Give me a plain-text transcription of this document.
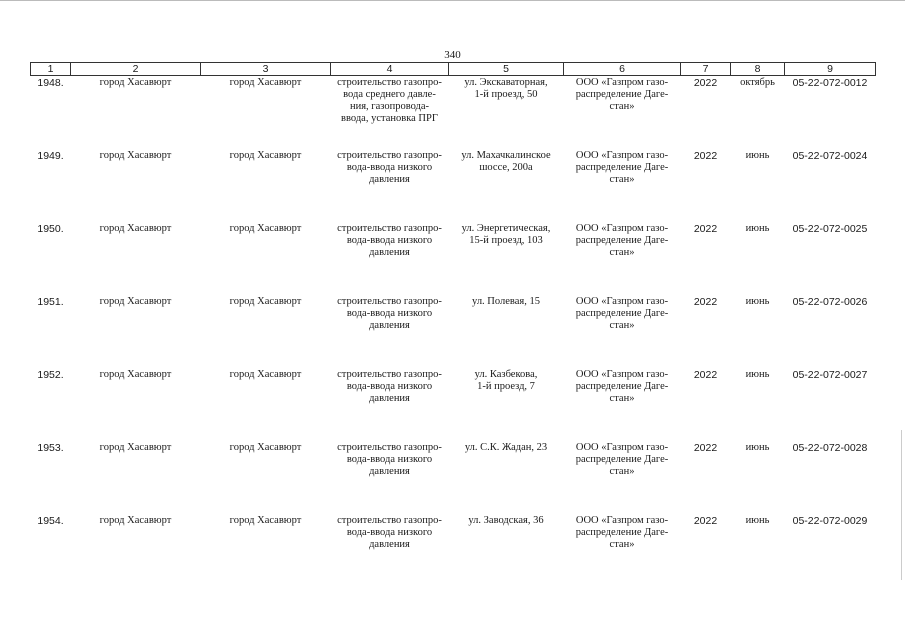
340
1	2	3	4	5	6	7	8	9
1948.	город Хасавюрт	город Хасавюрт	строительство газопро-
вода среднего давле-
ния, газопровода-
ввода, установка ПРГ	ул. Экскаваторная,
1-й проезд, 50	ООО «Газпром газо-
распределение Даге-
стан»	2022	октябрь	05-22-072-0012
1949.	город Хасавюрт	город Хасавюрт	строительство газопро-
вода-ввода низкого
давления	ул. Махачкалинское
шоссе, 200а	ООО «Газпром газо-
распределение Даге-
стан»	2022	июнь	05-22-072-0024
1950.	город Хасавюрт	город Хасавюрт	строительство газопро-
вода-ввода низкого
давления	ул. Энергетическая,
15-й проезд, 103	ООО «Газпром газо-
распределение Даге-
стан»	2022	июнь	05-22-072-0025
1951.	город Хасавюрт	город Хасавюрт	строительство газопро-
вода-ввода низкого
давления	ул. Полевая, 15	ООО «Газпром газо-
распределение Даге-
стан»	2022	июнь	05-22-072-0026
1952.	город Хасавюрт	город Хасавюрт	строительство газопро-
вода-ввода низкого
давления	ул. Казбекова,
1-й проезд, 7	ООО «Газпром газо-
распределение Даге-
стан»	2022	июнь	05-22-072-0027
1953.	город Хасавюрт	город Хасавюрт	строительство газопро-
вода-ввода низкого
давления	ул. С.К. Жадан, 23	ООО «Газпром газо-
распределение Даге-
стан»	2022	июнь	05-22-072-0028
1954.	город Хасавюрт	город Хасавюрт	строительство газопро-
вода-ввода низкого
давления	ул. Заводская, 36	ООО «Газпром газо-
распределение Даге-
стан»	2022	июнь	05-22-072-0029
